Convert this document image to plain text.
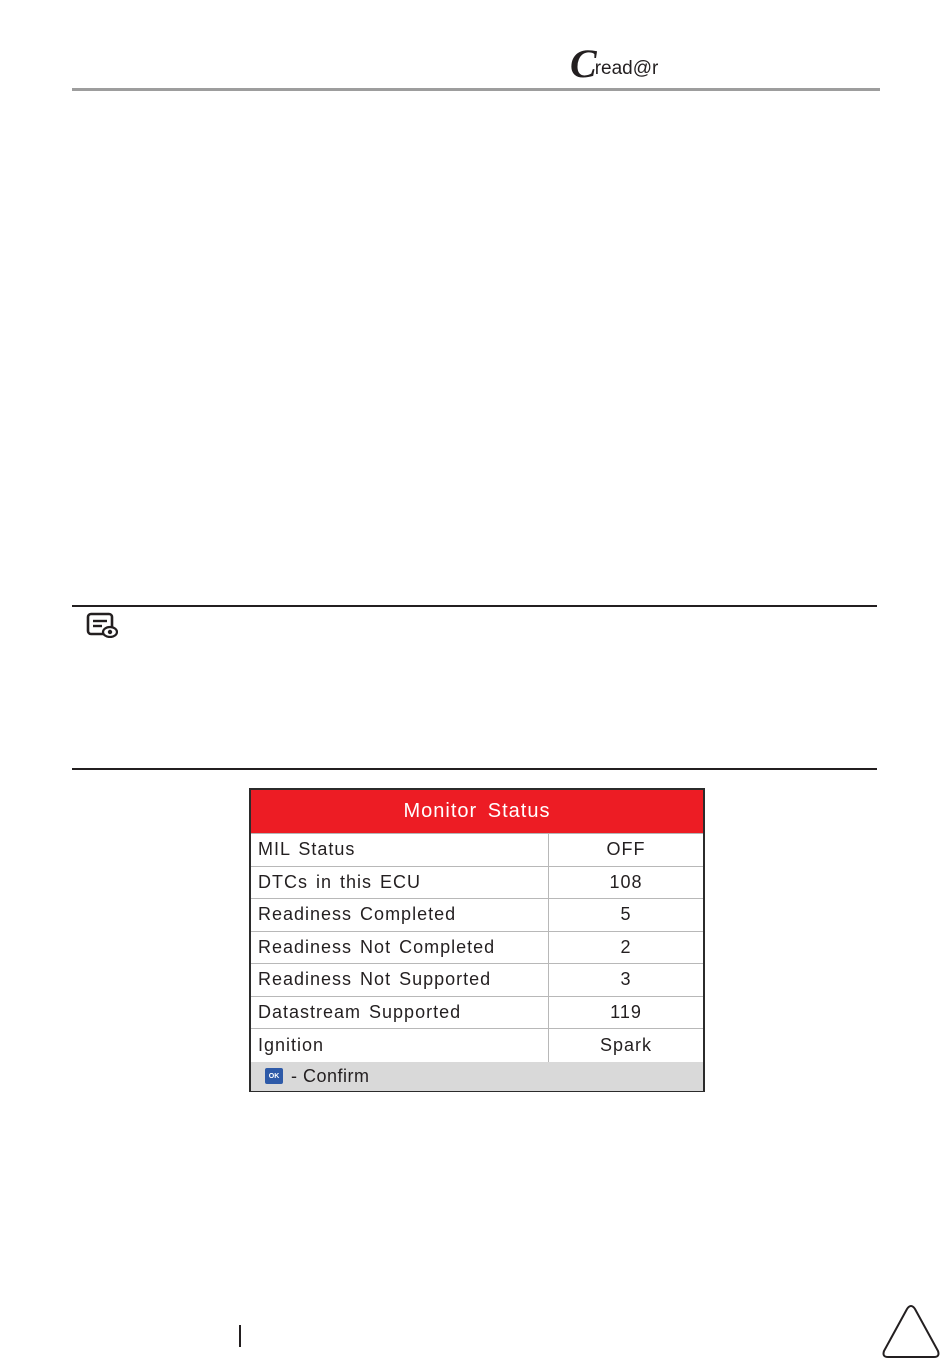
C read@r
Monitor Status
MIL Status	OFF
DTCs in this ECU	108
Readiness Completed	5
Readiness Not Completed	2
Readiness Not Supported	3
Datastream Supported	119
Ignition	Spark
OK - Confirm
